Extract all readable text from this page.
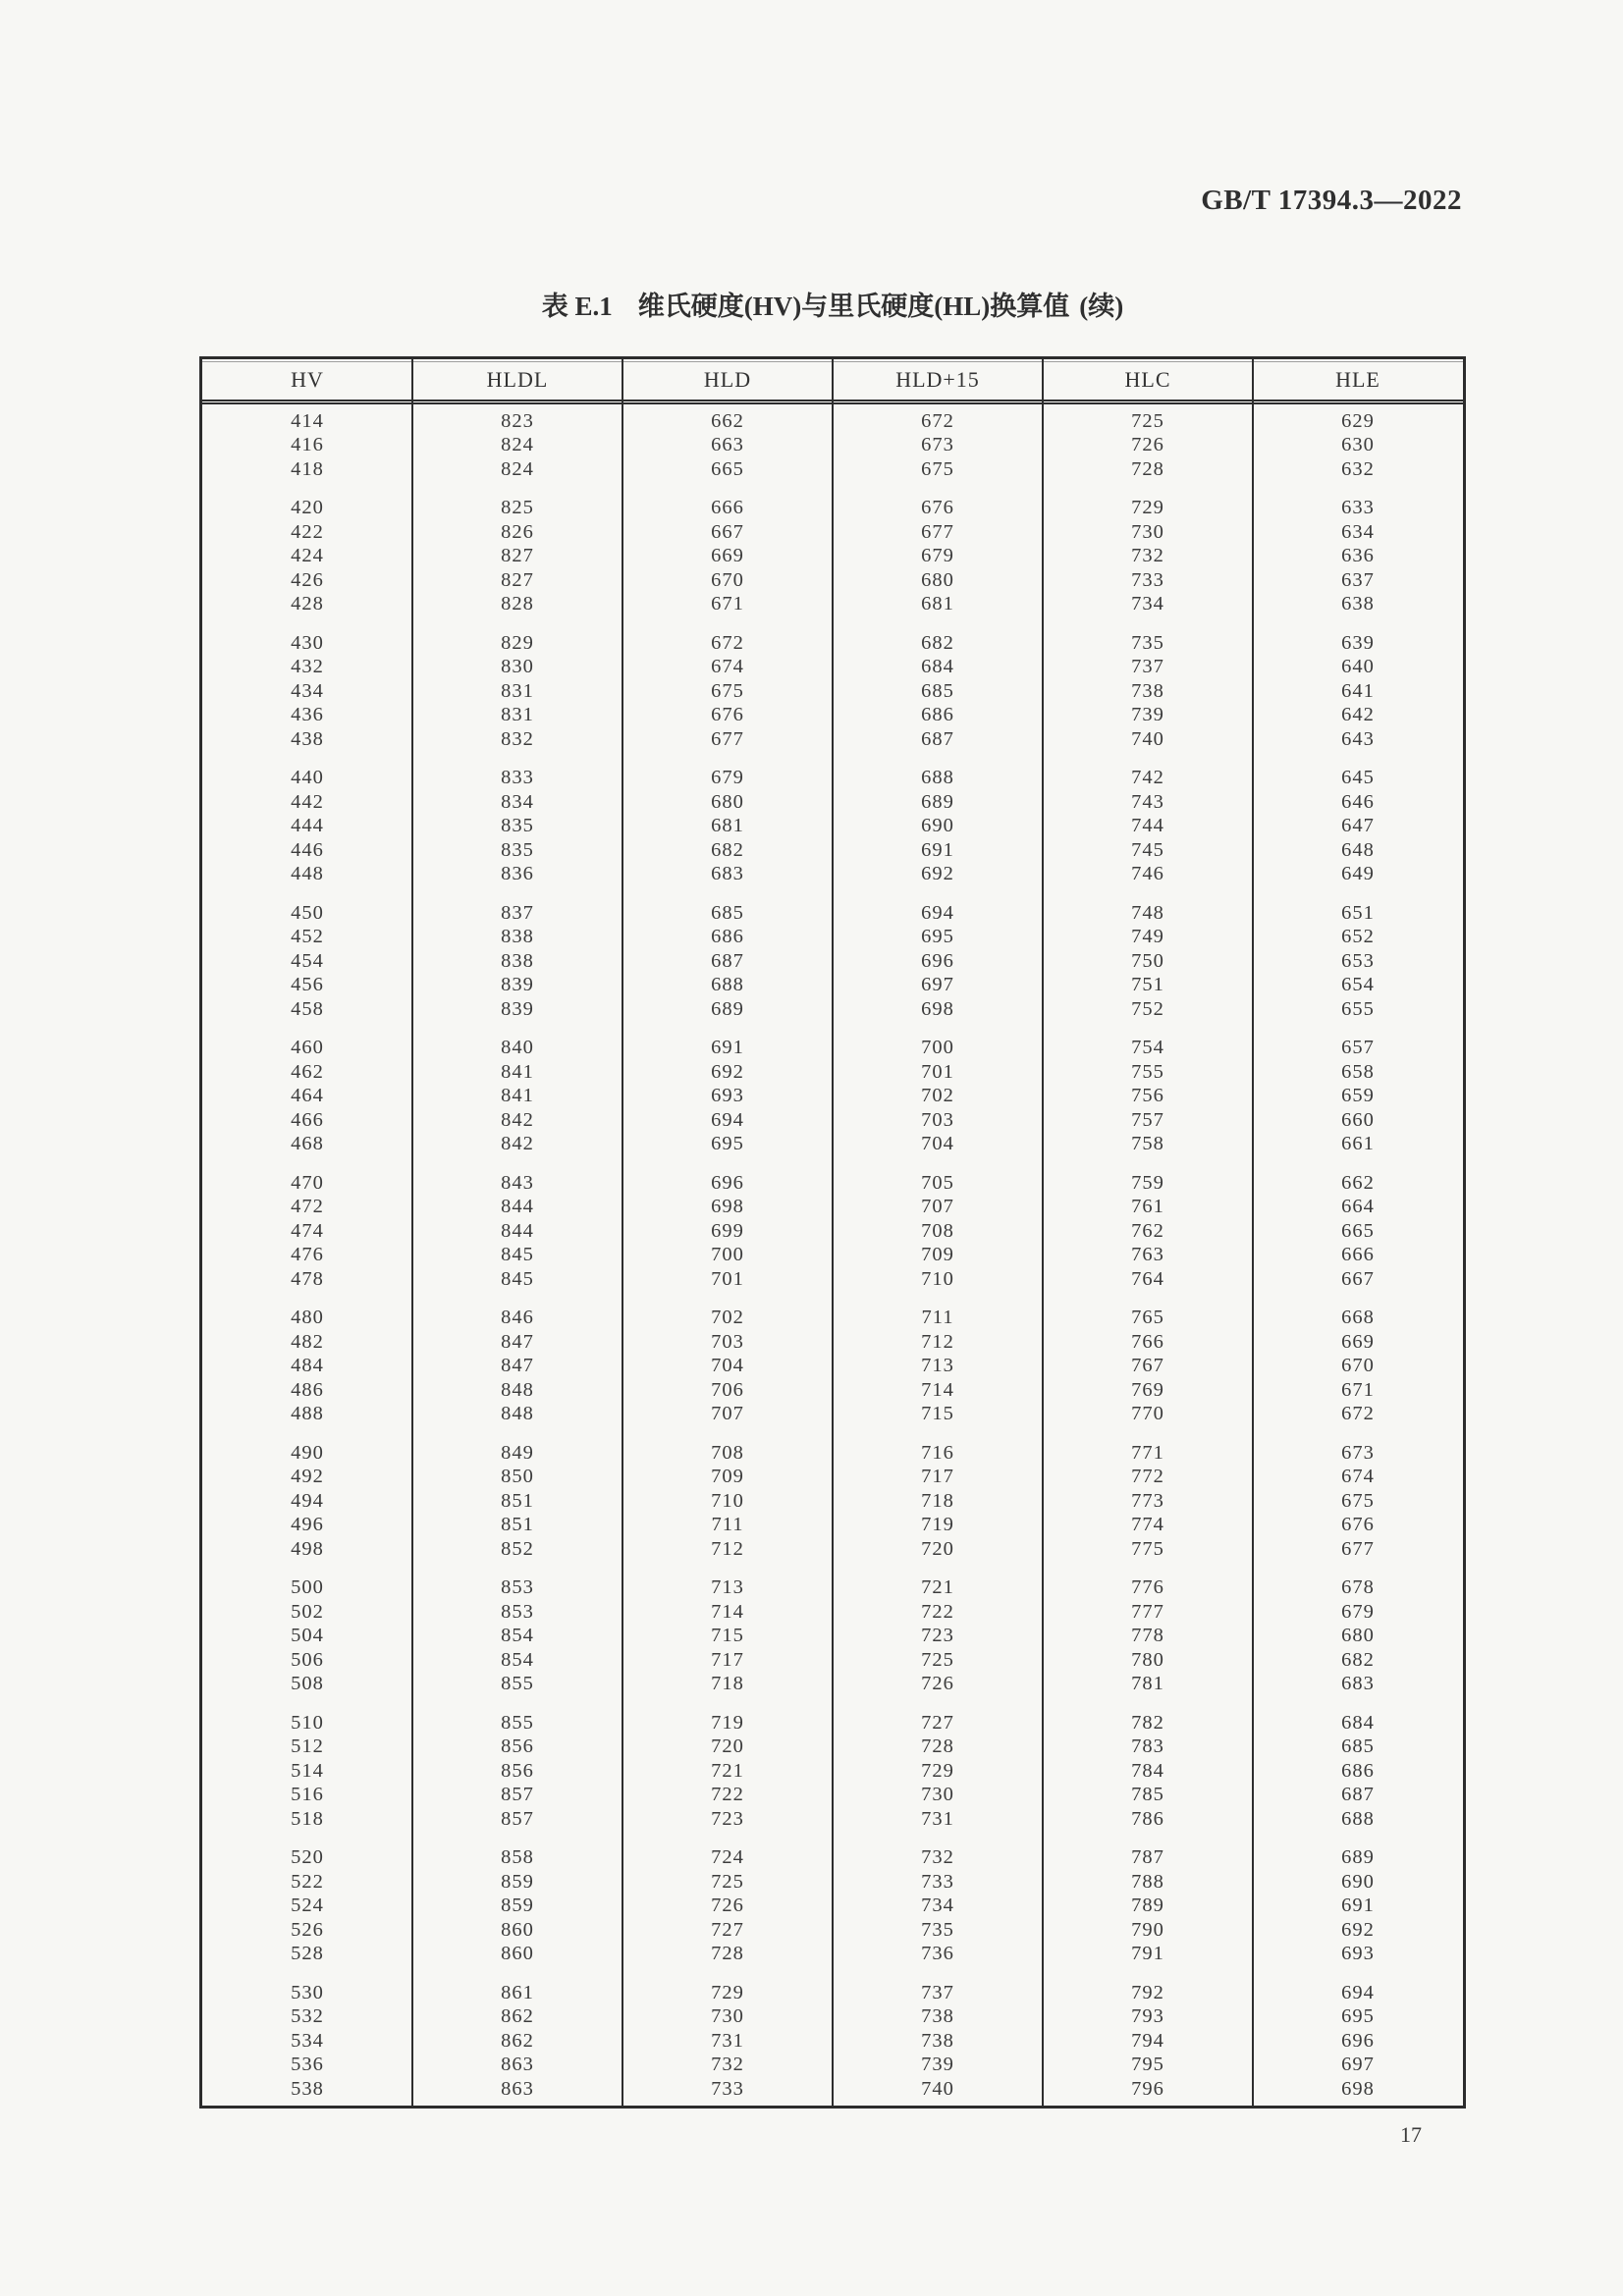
GB/T 17394.3—2022
表 E.1 维氏硬度(HV)与里氏硬度(HL)换算值 (续)
HV	HLDL	HLD	HLD+15	HLC	HLE
414	823	662	672	725	629
416	824	663	673	726	630
418	824	665	675	728	632
420	825	666	676	729	633
422	826	667	677	730	634
424	827	669	679	732	636
426	827	670	680	733	637
428	828	671	681	734	638
430	829	672	682	735	639
432	830	674	684	737	640
434	831	675	685	738	641
436	831	676	686	739	642
438	832	677	687	740	643
440	833	679	688	742	645
442	834	680	689	743	646
444	835	681	690	744	647
446	835	682	691	745	648
448	836	683	692	746	649
450	837	685	694	748	651
452	838	686	695	749	652
454	838	687	696	750	653
456	839	688	697	751	654
458	839	689	698	752	655
460	840	691	700	754	657
462	841	692	701	755	658
464	841	693	702	756	659
466	842	694	703	757	660
468	842	695	704	758	661
470	843	696	705	759	662
472	844	698	707	761	664
474	844	699	708	762	665
476	845	700	709	763	666
478	845	701	710	764	667
480	846	702	711	765	668
482	847	703	712	766	669
484	847	704	713	767	670
486	848	706	714	769	671
488	848	707	715	770	672
490	849	708	716	771	673
492	850	709	717	772	674
494	851	710	718	773	675
496	851	711	719	774	676
498	852	712	720	775	677
500	853	713	721	776	678
502	853	714	722	777	679
504	854	715	723	778	680
506	854	717	725	780	682
508	855	718	726	781	683
510	855	719	727	782	684
512	856	720	728	783	685
514	856	721	729	784	686
516	857	722	730	785	687
518	857	723	731	786	688
520	858	724	732	787	689
522	859	725	733	788	690
524	859	726	734	789	691
526	860	727	735	790	692
528	860	728	736	791	693
530	861	729	737	792	694
532	862	730	738	793	695
534	862	731	738	794	696
536	863	732	739	795	697
538	863	733	740	796	698
17
